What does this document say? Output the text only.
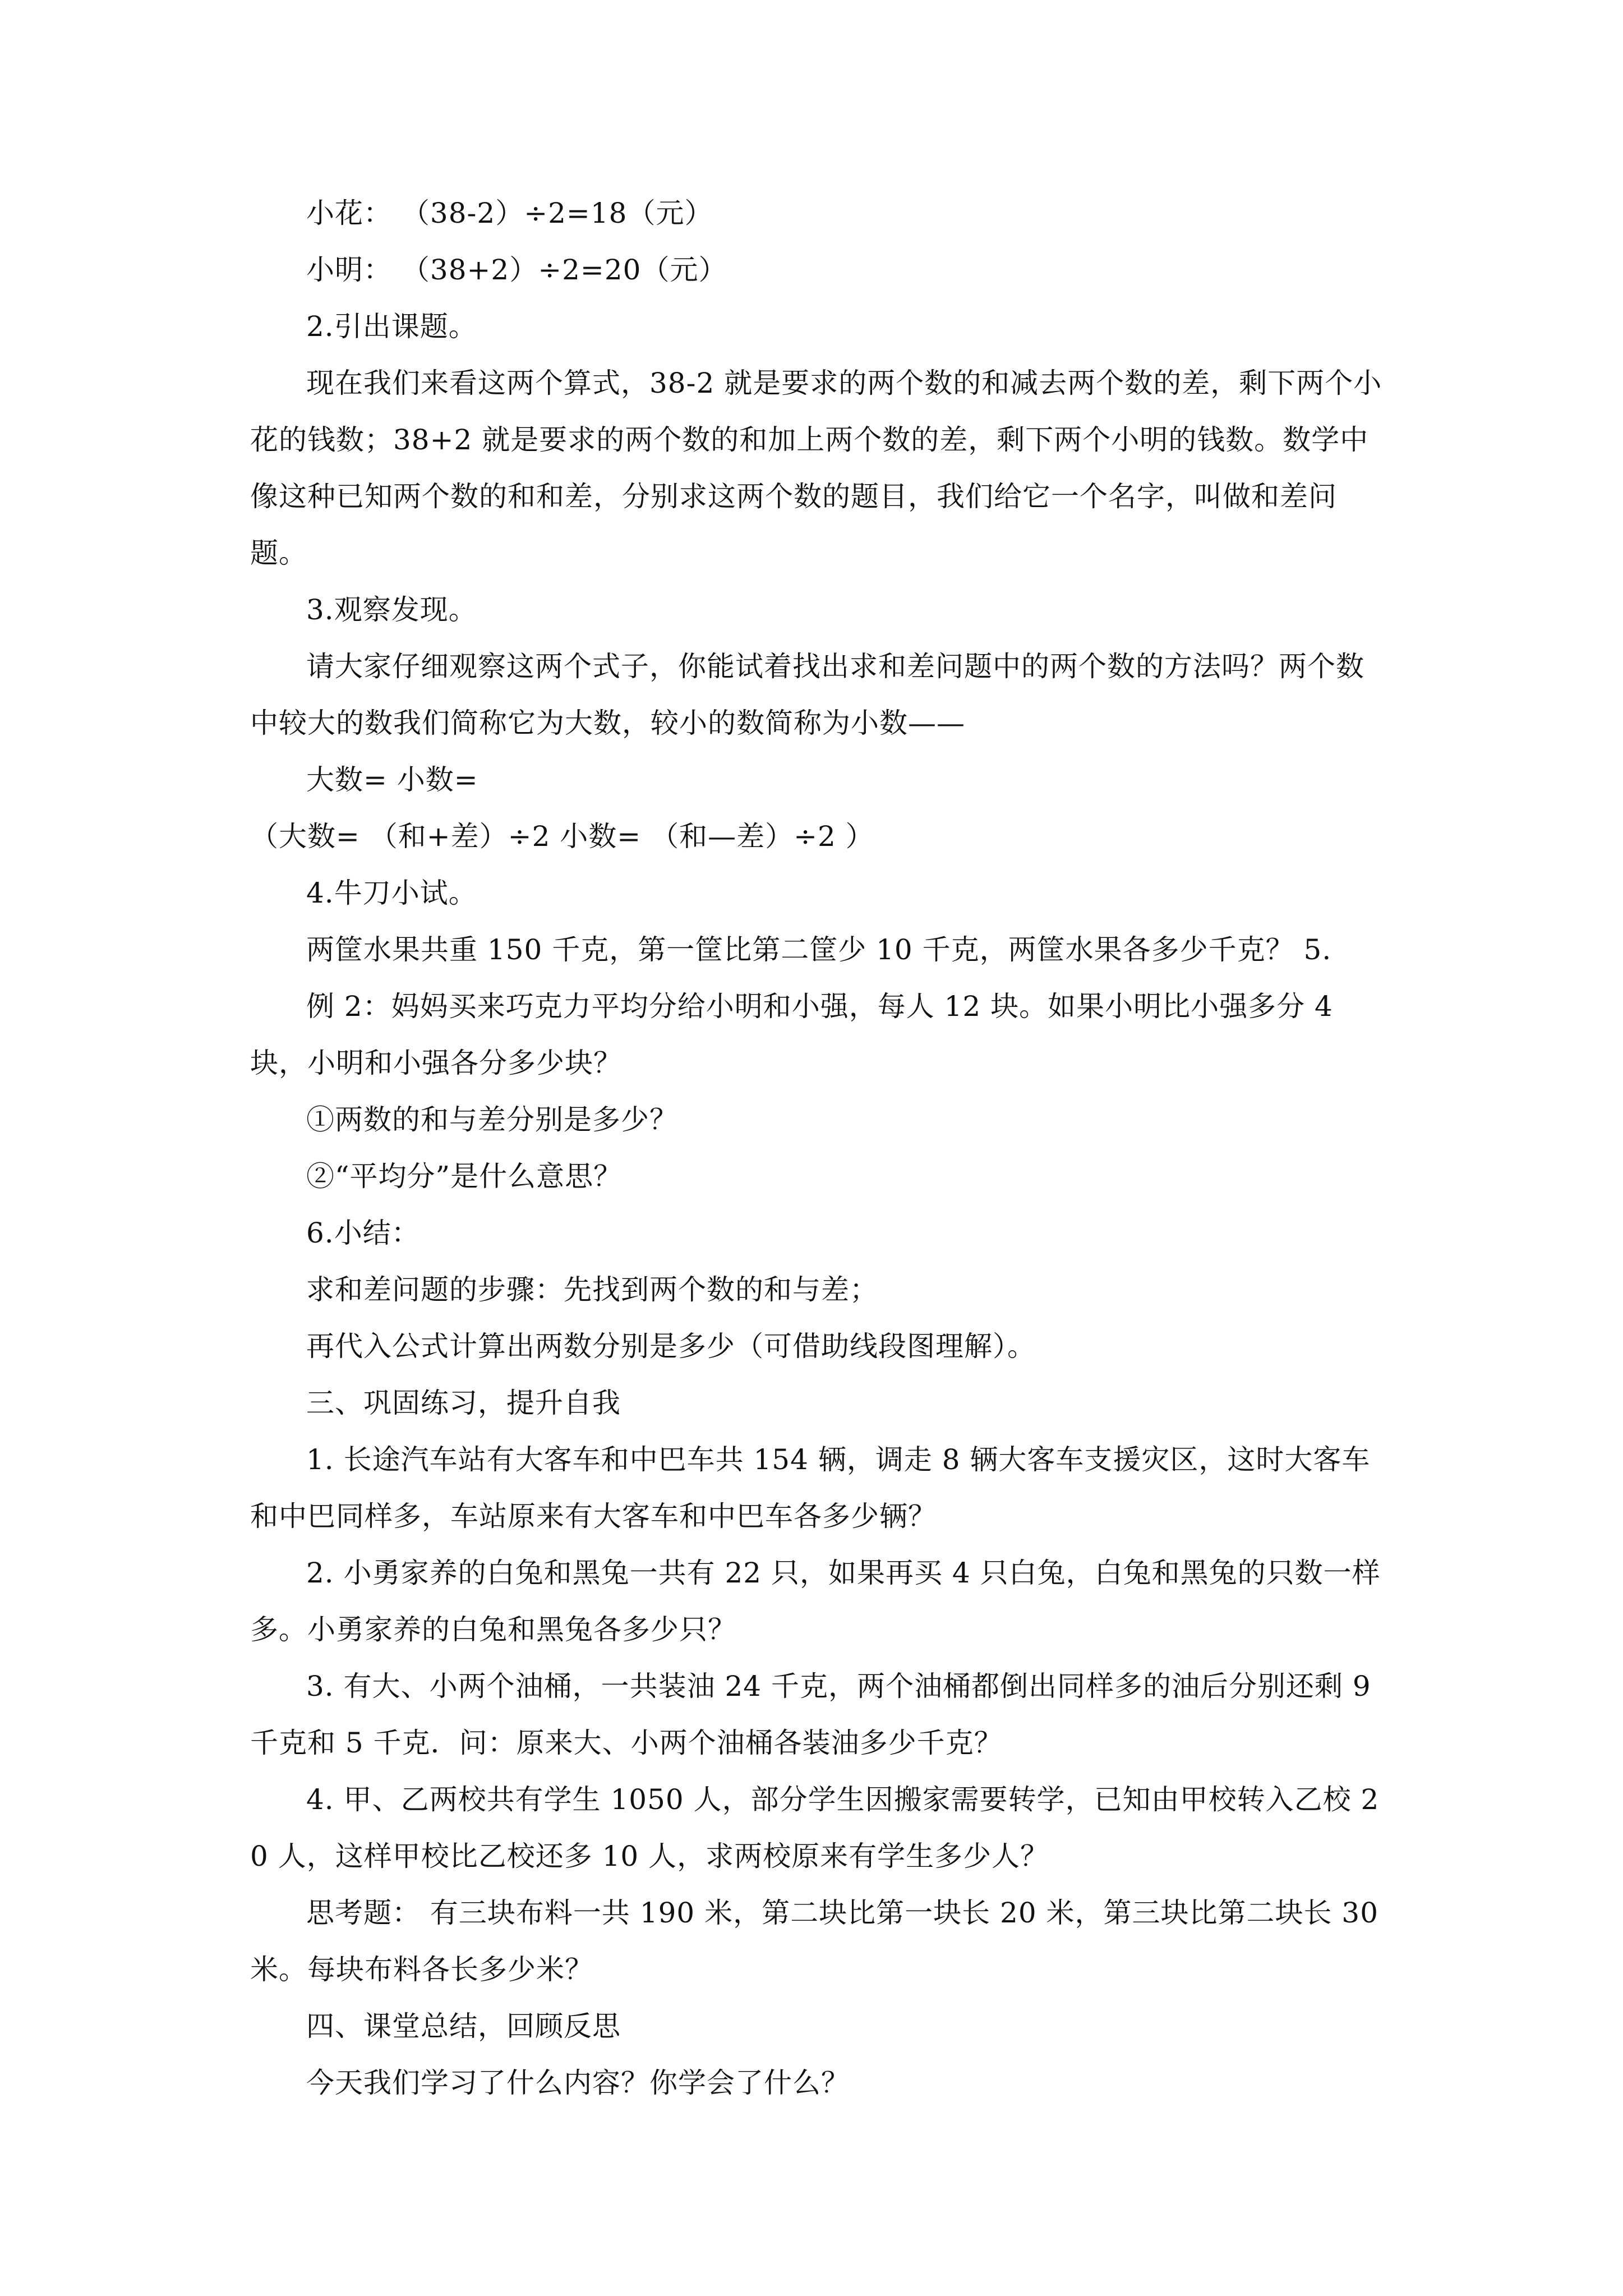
小花： （38-2）÷2=18（元）

小明： （38+2）÷2=20（元）

2.引出课题。

现在我们来看这两个算式，38-2 就是要求的两个数的和减去两个数的差，剩下两个小花的钱数；38+2 就是要求的两个数的和加上两个数的差，剩下两个小明的钱数。数学中像这种已知两个数的和和差，分别求这两个数的题目，我们给它一个名字，叫做和差问题。

3.观察发现。

请大家仔细观察这两个式子，你能试着找出求和差问题中的两个数的方法吗？两个数中较大的数我们简称它为大数，较小的数简称为小数——

大数= 小数=

（大数= （和+差）÷2 小数= （和—差）÷2 ）

4.牛刀小试。

两筐水果共重 150 千克，第一筐比第二筐少 10 千克，两筐水果各多少千克？ 5.

例 2：妈妈买来巧克力平均分给小明和小强，每人 12 块。如果小明比小强多分 4 块，小明和小强各分多少块？

①两数的和与差分别是多少？

②“平均分”是什么意思？

6.小结：

求和差问题的步骤：先找到两个数的和与差；

再代入公式计算出两数分别是多少（可借助线段图理解）。

三、巩固练习，提升自我

1. 长途汽车站有大客车和中巴车共 154 辆，调走 8 辆大客车支援灾区，这时大客车和中巴同样多，车站原来有大客车和中巴车各多少辆？

2. 小勇家养的白兔和黑兔一共有 22 只，如果再买 4 只白兔，白兔和黑兔的只数一样多。小勇家养的白兔和黑兔各多少只？

3. 有大、小两个油桶，一共装油 24 千克，两个油桶都倒出同样多的油后分别还剩 9 千克和 5 千克．问：原来大、小两个油桶各装油多少千克？

4. 甲、乙两校共有学生 1050 人，部分学生因搬家需要转学，已知由甲校转入乙校 20 人，这样甲校比乙校还多 10 人，求两校原来有学生多少人？

思考题： 有三块布料一共 190 米，第二块比第一块长 20 米，第三块比第二块长 30 米。每块布料各长多少米？

四、课堂总结，回顾反思

今天我们学习了什么内容？你学会了什么？
